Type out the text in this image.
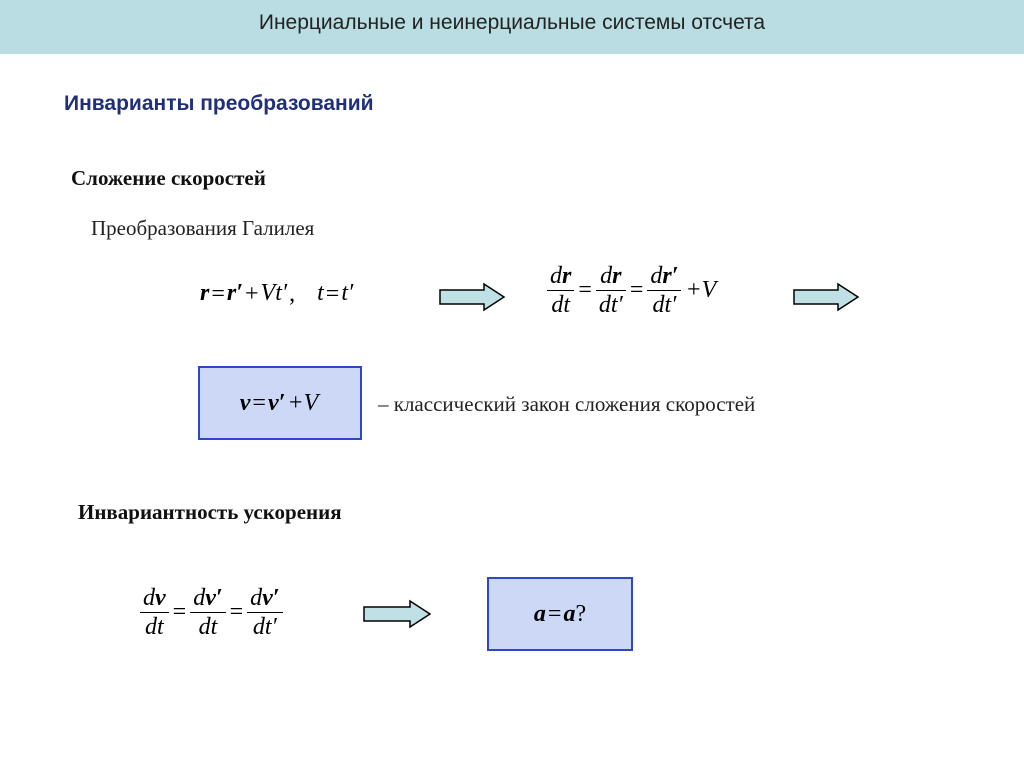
Инерциальные и неинерциальные системы отсчета
Инварианты преобразований
Сложение скоростей
Преобразования Галилея
r=r′+Vt′, t=t′	$\frac{dr}{dt} = \frac{dr}{dt'} = \frac{dr'}{dt'} +V$
v = v′ +V	– классический закон сложения скоростей
Инвариантность ускорения
$\frac{dv}{dt} = \frac{dv'}{dt} = \frac{dv'}{dt'}$	a = a ?
